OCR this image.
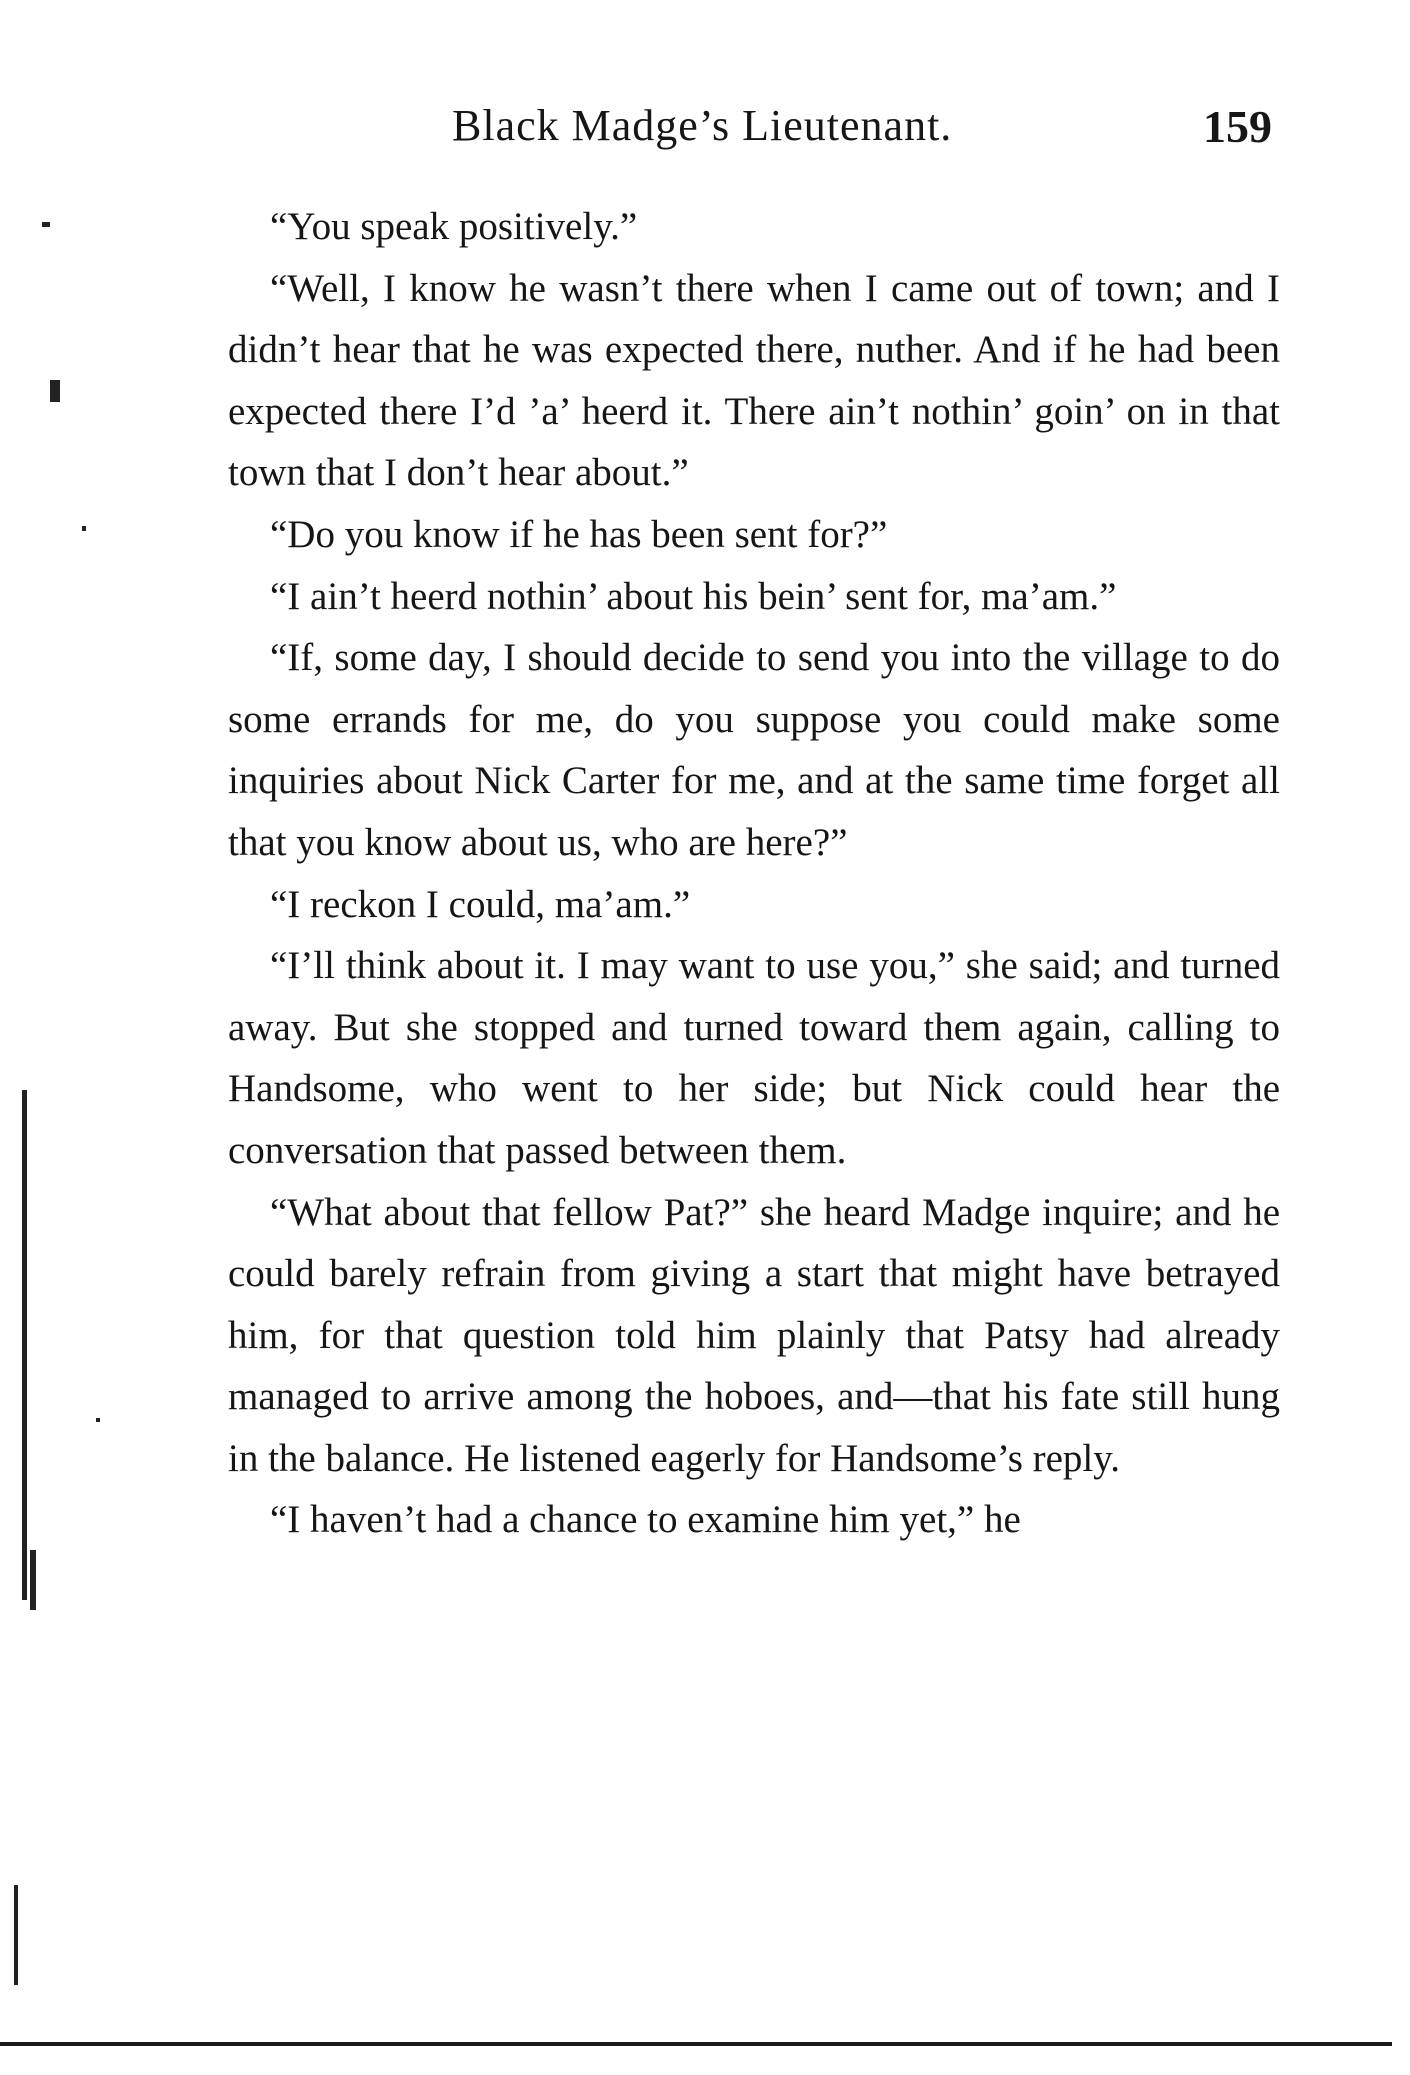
Black Madge’s Lieutenant.	159

“You speak positively.”

“Well, I know he wasn’t there when I came out of town; and I didn’t hear that he was expected there, nuther. And if he had been expected there I’d ’a’ heerd it. There ain’t nothin’ goin’ on in that town that I don’t hear about.”

“Do you know if he has been sent for?”

“I ain’t heerd nothin’ about his bein’ sent for, ma’am.”

“If, some day, I should decide to send you into the village to do some errands for me, do you suppose you could make some inquiries about Nick Carter for me, and at the same time forget all that you know about us, who are here?”

“I reckon I could, ma’am.”

“I’ll think about it. I may want to use you,” she said; and turned away. But she stopped and turned toward them again, calling to Handsome, who went to her side; but Nick could hear the conversation that passed between them.

“What about that fellow Pat?” she heard Madge inquire; and he could barely refrain from giving a start that might have betrayed him, for that question told him plainly that Patsy had already managed to arrive among the hoboes, and—that his fate still hung in the balance. He listened eagerly for Handsome’s reply.

“I haven’t had a chance to examine him yet,” he
